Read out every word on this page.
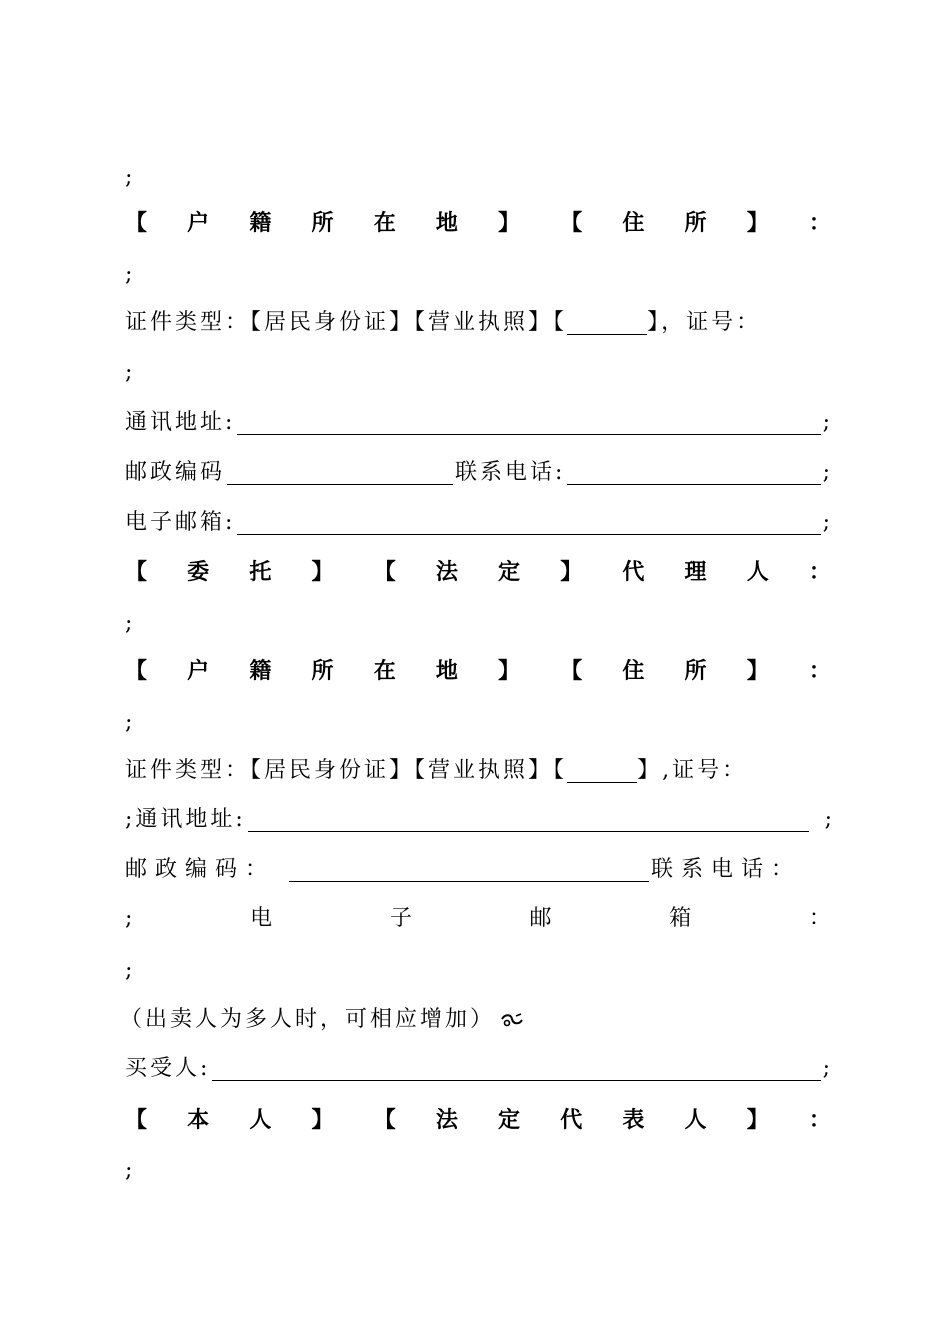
;
【 户 籍 所 在 地 】 【 住 所 】 ：
;
证件类型：【居民身份证】【营业执照】【	】，证号：
;
通讯地址:	;
邮政编码	联系电话:	;
电子邮箱:	;
【 委 托 】 【 法 定 】 代 理 人 ：
;
【 户 籍 所 在 地 】 【 住 所 】 ：
;
证件类型：【居民身份证】【营业执照】【	】,证号：
;通讯地址:	;
邮政编码：	联系电话：
;	电	子	邮	箱	：
;
（出卖人为多人时，可相应增加）
买受人:	;
【 本 人 】 【 法 定 代 表 人 】 ：
;
